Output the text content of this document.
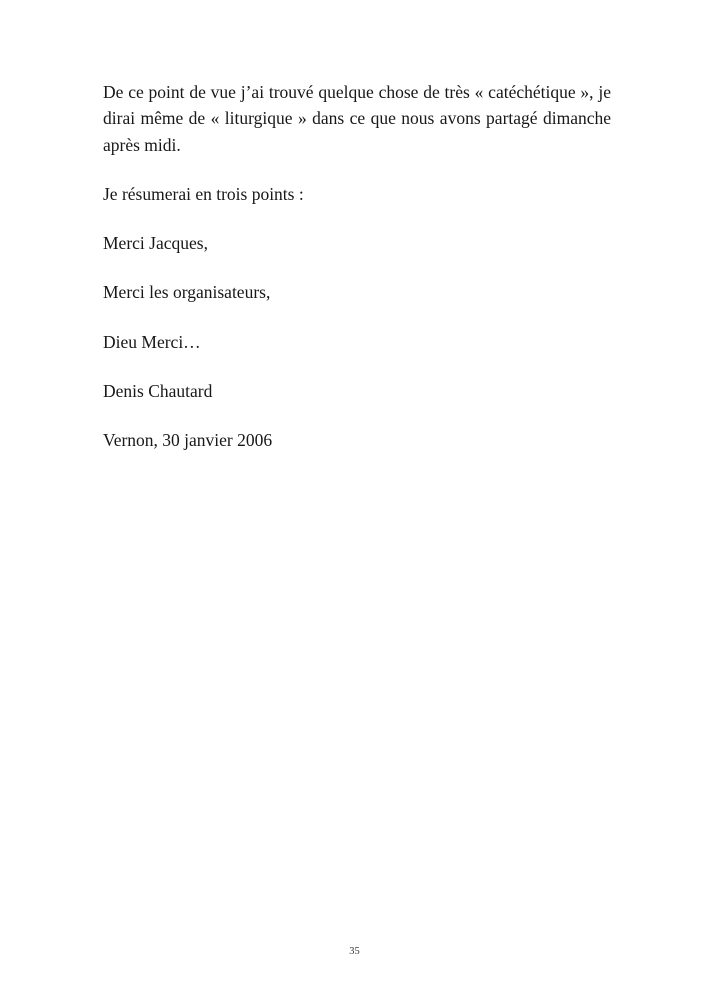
De ce point de vue j’ai trouvé quelque chose de très « catéchétique », je dirai même de « liturgique » dans ce que nous avons partagé dimanche après midi.

Je résumerai en trois points :

Merci Jacques,

Merci les organisateurs,

Dieu Merci…

Denis Chautard

Vernon, 30 janvier 2006

35
